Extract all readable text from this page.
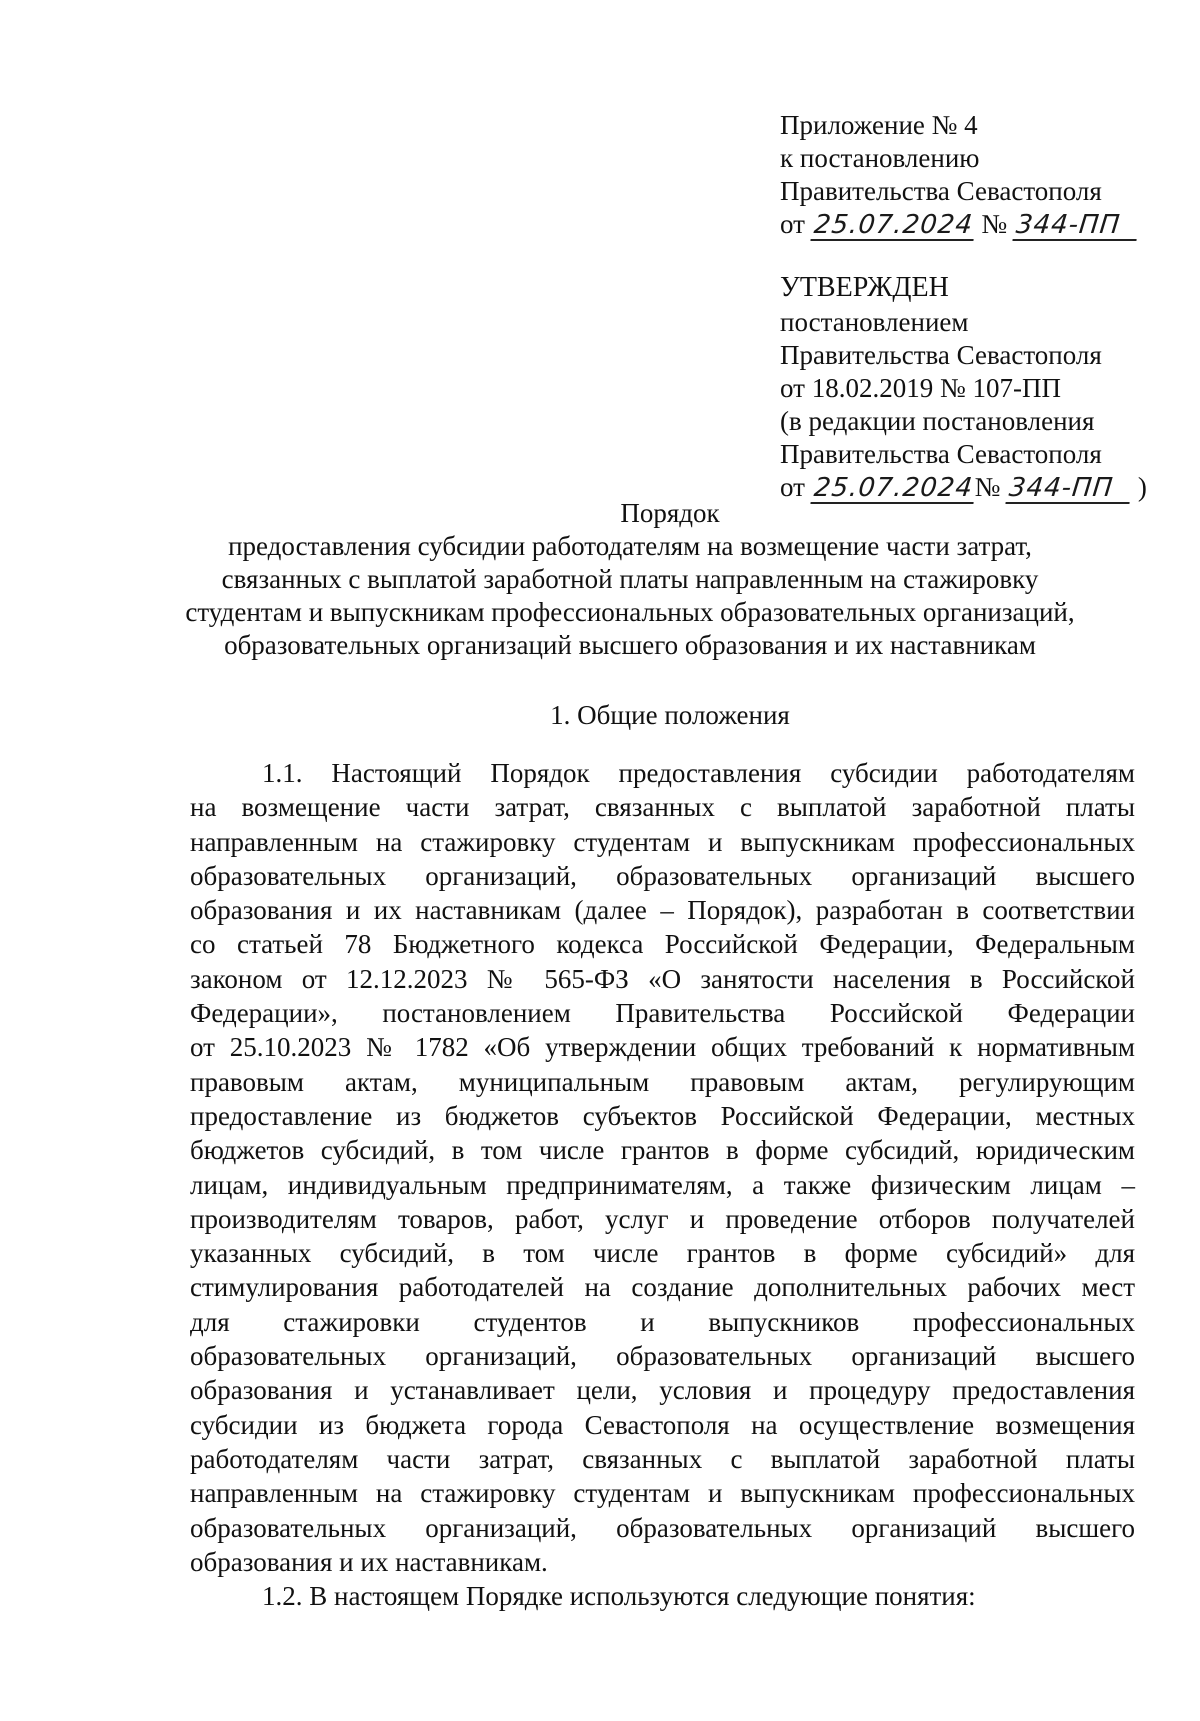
Приложение № 4
к постановлению
Правительства Севастополя
от 25.07.2024 № 344-ПП
УТВЕРЖДЕН
постановлением
Правительства Севастополя
от 18.02.2019 № 107-ПП
(в редакции постановления
Правительства Севастополя
от 25.07.2024№ 344-ПП )
Порядок
предоставления субсидии работодателям на возмещение части затрат,
связанных с выплатой заработной платы направленным на стажировку
студентам и выпускникам профессиональных образовательных организаций,
образовательных организаций высшего образования и их наставникам
1. Общие положения
1.1. Настоящий Порядок предоставления субсидии работодателям
на возмещение части затрат, связанных с выплатой заработной платы
направленным на стажировку студентам и выпускникам профессиональных
образовательных организаций, образовательных организаций высшего
образования и их наставникам (далее – Порядок), разработан в соответствии
со статьей 78 Бюджетного кодекса Российской Федерации, Федеральным
законом от 12.12.2023 № 565-ФЗ «О занятости населения в Российской
Федерации», постановлением Правительства Российской Федерации
от 25.10.2023 № 1782 «Об утверждении общих требований к нормативным
правовым актам, муниципальным правовым актам, регулирующим
предоставление из бюджетов субъектов Российской Федерации, местных
бюджетов субсидий, в том числе грантов в форме субсидий, юридическим
лицам, индивидуальным предпринимателям, а также физическим лицам –
производителям товаров, работ, услуг и проведение отборов получателей
указанных субсидий, в том числе грантов в форме субсидий» для
стимулирования работодателей на создание дополнительных рабочих мест
для стажировки студентов и выпускников профессиональных
образовательных организаций, образовательных организаций высшего
образования и устанавливает цели, условия и процедуру предоставления
субсидии из бюджета города Севастополя на осуществление возмещения
работодателям части затрат, связанных с выплатой заработной платы
направленным на стажировку студентам и выпускникам профессиональных
образовательных организаций, образовательных организаций высшего
образования и их наставникам.
1.2. В настоящем Порядке используются следующие понятия:
